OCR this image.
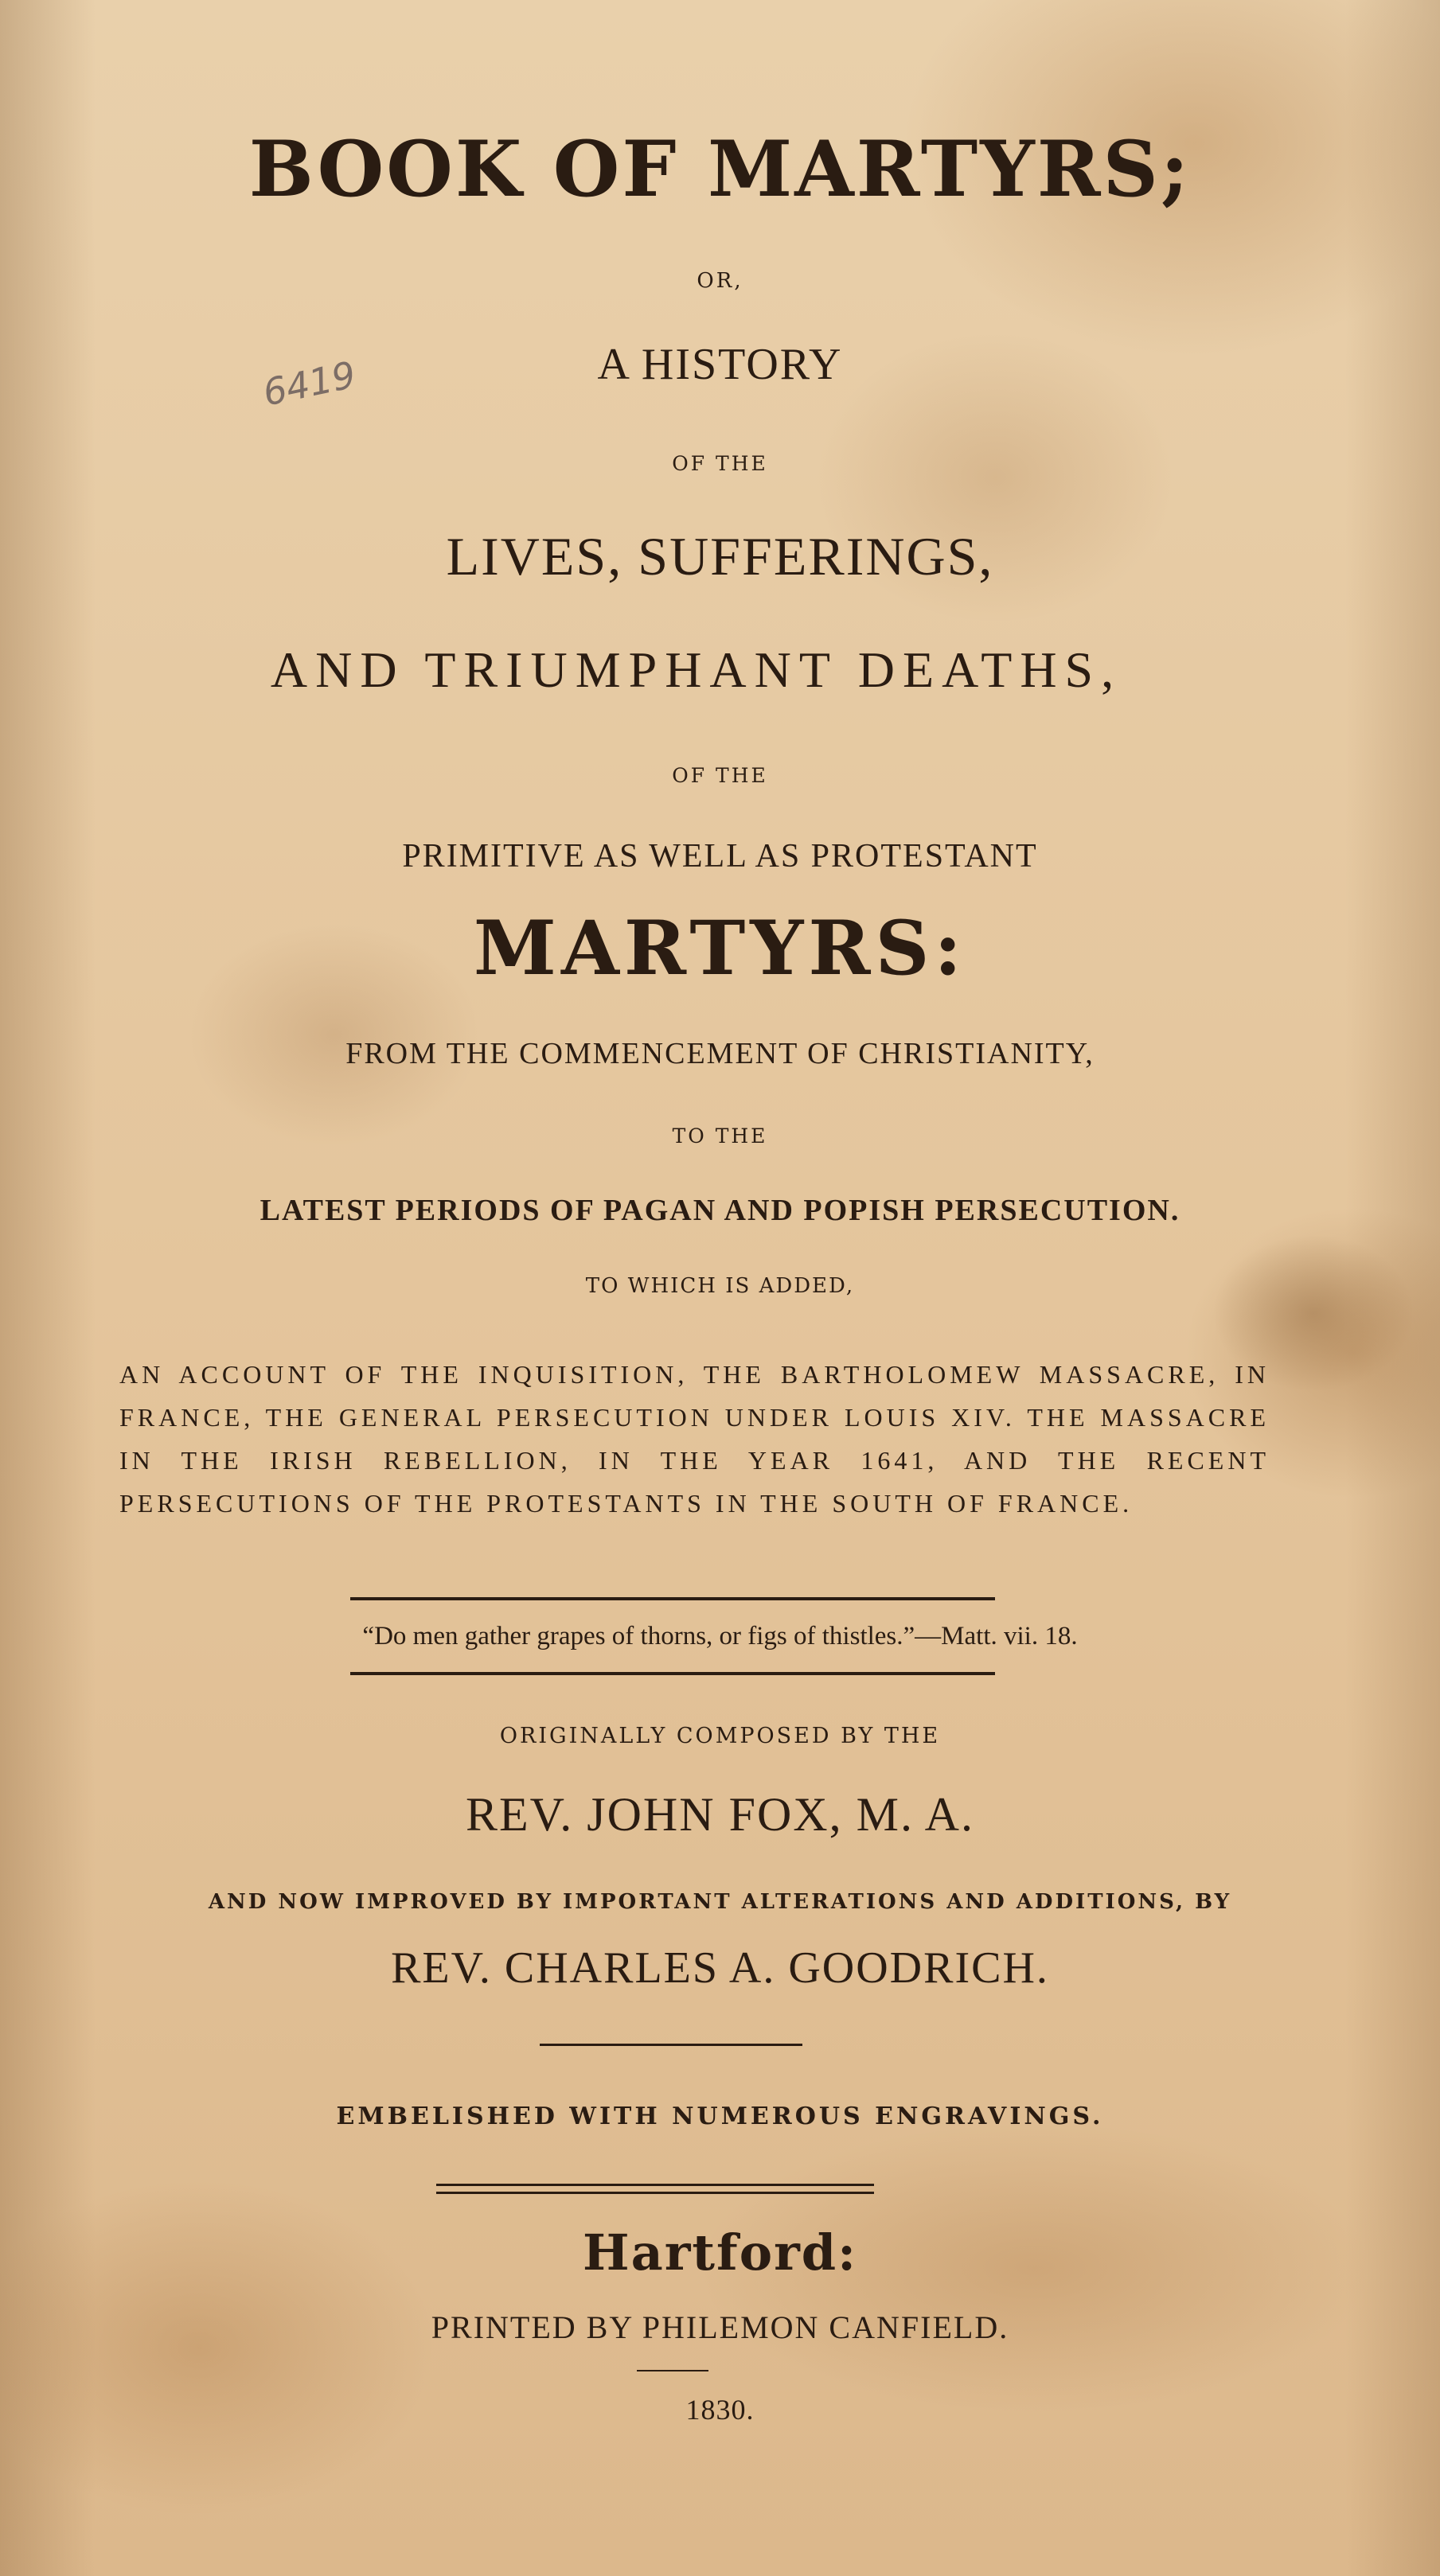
BOOK OF MARTYRS;
OR,
A HISTORY
OF THE
LIVES, SUFFERINGS,
AND TRIUMPHANT DEATHS,
OF THE
PRIMITIVE AS WELL AS PROTESTANT
MARTYRS:
FROM THE COMMENCEMENT OF CHRISTIANITY,
TO THE
LATEST PERIODS OF PAGAN AND POPISH PERSECUTION.
TO WHICH IS ADDED,
AN ACCOUNT OF THE INQUISITION, THE BARTHOLOMEW MASSACRE, IN FRANCE, THE GENERAL PERSECUTION UNDER LOUIS XIV. THE MASSACRE IN THE IRISH REBELLION, IN THE YEAR 1641, AND THE RECENT PERSECUTIONS OF THE PROTESTANTS IN THE SOUTH OF FRANCE.
“Do men gather grapes of thorns, or figs of thistles.”—Matt. vii. 18.
ORIGINALLY COMPOSED BY THE
REV. JOHN FOX, M. A.
AND NOW IMPROVED BY IMPORTANT ALTERATIONS AND ADDITIONS, BY
REV. CHARLES A. GOODRICH.
EMBELISHED WITH NUMEROUS ENGRAVINGS.
Hartford:
PRINTED BY PHILEMON CANFIELD.
1830.
6419
